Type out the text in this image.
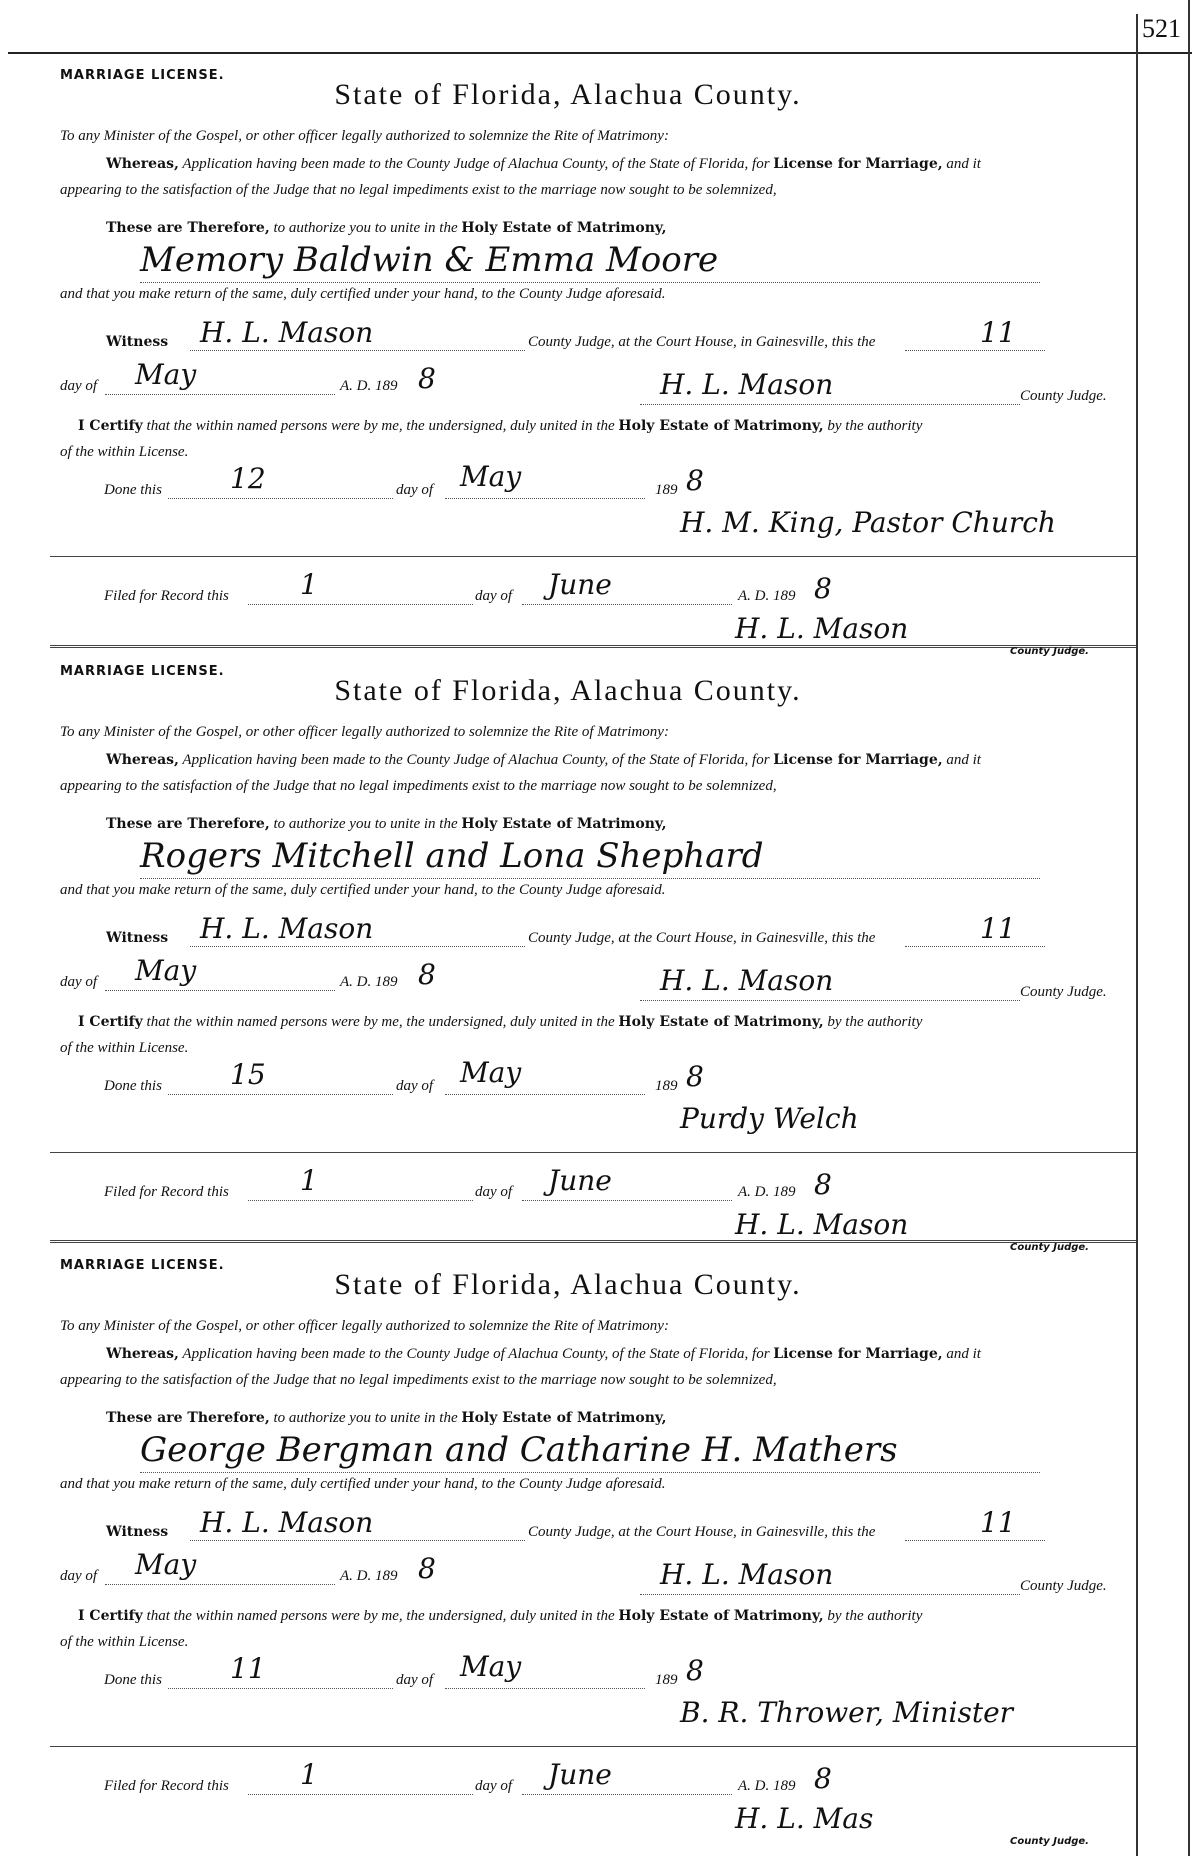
521
MARRIAGE LICENSE.
State of Florida, Alachua County.
To any Minister of the Gospel, or other officer legally authorized to solemnize the Rite of Matrimony:
Whereas, Application having been made to the County Judge of Alachua County, of the State of Florida, for License for Marriage, and it
appearing to the satisfaction of the Judge that no legal impediments exist to the marriage now sought to be solemnized,
These are Therefore, to authorize you to unite in the Holy Estate of Matrimony,
Memory Baldwin & Emma Moore
and that you make return of the same, duly certified under your hand, to the County Judge aforesaid.
Witness H. L. Mason	County Judge, at the Court House, in Gainesville, this the	11
day of May	A. D. 189 8	H. L. Mason	County Judge.
I Certify that the within named persons were by me, the undersigned, duly united in the Holy Estate of Matrimony, by the authority
of the within License.
Done this 12	day of May	189 8
H. M. King, Pastor Church
Filed for Record this	1	day of June	A. D. 189 8
H. L. Mason
County Judge.
MARRIAGE LICENSE.
State of Florida, Alachua County.
To any Minister of the Gospel, or other officer legally authorized to solemnize the Rite of Matrimony:
Whereas, Application having been made to the County Judge of Alachua County, of the State of Florida, for License for Marriage, and it
appearing to the satisfaction of the Judge that no legal impediments exist to the marriage now sought to be solemnized,
These are Therefore, to authorize you to unite in the Holy Estate of Matrimony,
Rogers Mitchell and Lona Shephard
and that you make return of the same, duly certified under your hand, to the County Judge aforesaid.
Witness H. L. Mason	County Judge, at the Court House, in Gainesville, this the	11
day of May	A. D. 189 8	H. L. Mason	County Judge.
I Certify that the within named persons were by me, the undersigned, duly united in the Holy Estate of Matrimony, by the authority
of the within License.
Done this 15	day of May	189 8
Purdy Welch
Filed for Record this	1	day of June	A. D. 189 8
H. L. Mason
County Judge.
MARRIAGE LICENSE.
State of Florida, Alachua County.
To any Minister of the Gospel, or other officer legally authorized to solemnize the Rite of Matrimony:
Whereas, Application having been made to the County Judge of Alachua County, of the State of Florida, for License for Marriage, and it
appearing to the satisfaction of the Judge that no legal impediments exist to the marriage now sought to be solemnized,
These are Therefore, to authorize you to unite in the Holy Estate of Matrimony,
George Bergman and Catharine H. Mathers
and that you make return of the same, duly certified under your hand, to the County Judge aforesaid.
Witness H. L. Mason	County Judge, at the Court House, in Gainesville, this the	11
day of May	A. D. 189 8	H. L. Mason	County Judge.
I Certify that the within named persons were by me, the undersigned, duly united in the Holy Estate of Matrimony, by the authority
of the within License.
Done this 11	day of May	189 8
B. R. Thrower, Minister
Filed for Record this	1	day of June	A. D. 189 8
H. L. Mas
County Judge.
